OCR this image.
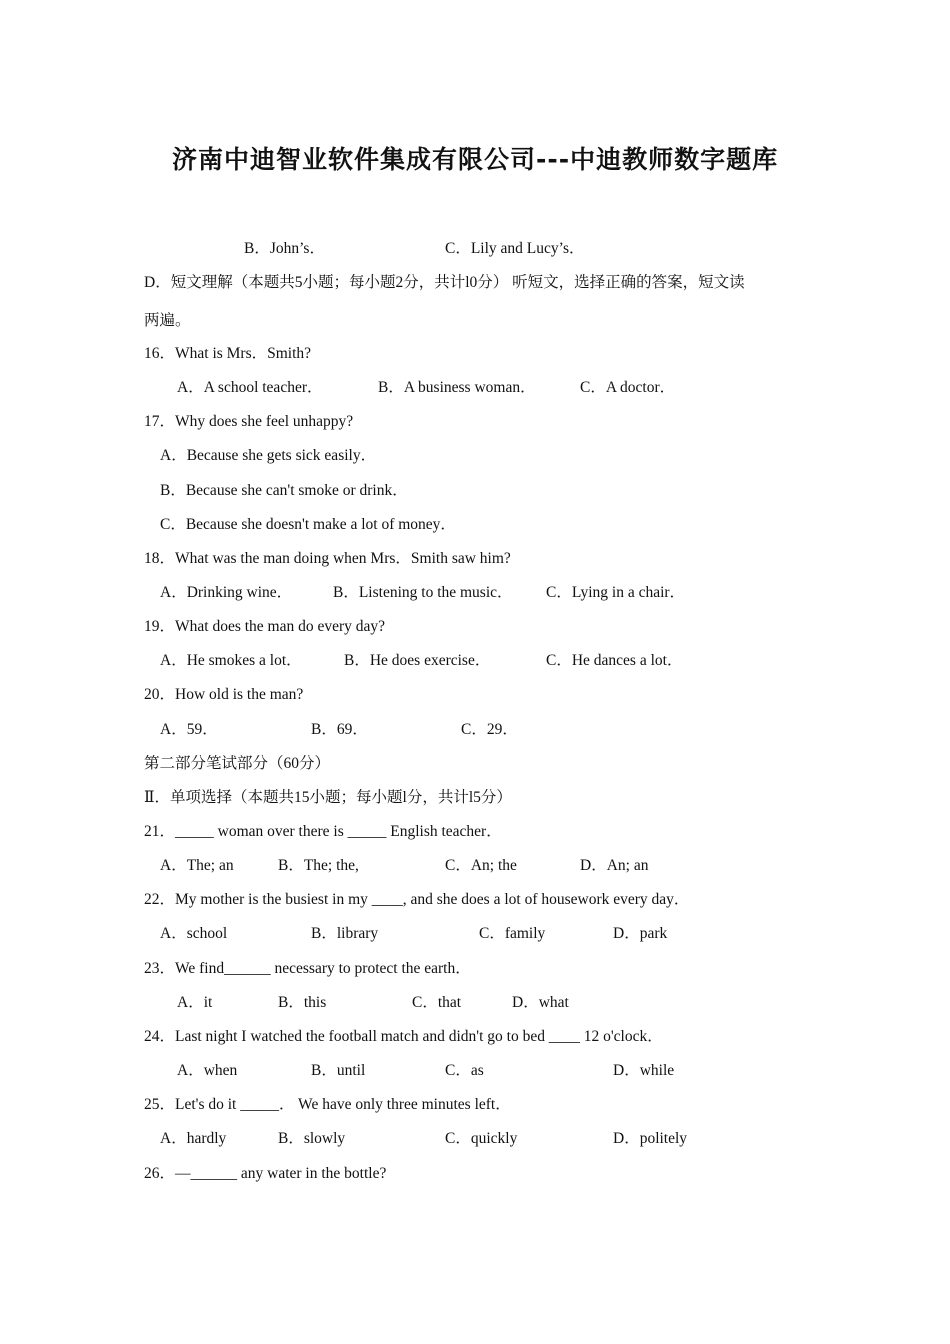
济南中迪智业软件集成有限公司---中迪教师数字题库
B．John’s．	C．Lily and Lucy’s．
D．短文理解（本题共5小题；每小题2分，共计l0分） 听短文，选择正确的答案，短文读
两遍。
16．What is Mrs．Smith?
A．A school teacher．	B．A business woman．	C．A doctor．
17．Why does she feel unhappy?
A．Because she gets sick easily．
B．Because she can't smoke or drink．
C．Because she doesn't make a lot of money．
18．What was the man doing when Mrs．Smith saw him?
A．Drinking wine．	B．Listening to the music． C．Lying in a chair．
19．What does the man do every day?
A．He smokes a lot．	B．He does exercise．	C．He dances a lot．
20．How old is the man?
A．59．	B．69．	C．29．
第二部分笔试部分（60分）
Ⅱ．单项选择（本题共15小题；每小题l分，共计l5分）
21．_____ woman over there is _____ English teacher．
A．The; an	B．The; the,	C．An; the	D．An; an
22．My mother is the busiest in my ____, and she does a lot of housework every day．
A．school	B．library	C．family	D．park
23．We find______ necessary to protect the earth．
A．it	B．this	C．that	D．what
24．Last night I watched the football match and didn't go to bed ____ 12 o'clock．
A．when	B．until	C．as	D．while
25．Let's do it _____． We have only three minutes left．
A．hardly	B．slowly	C．quickly	D．politely
26．—______ any water in the bottle?
